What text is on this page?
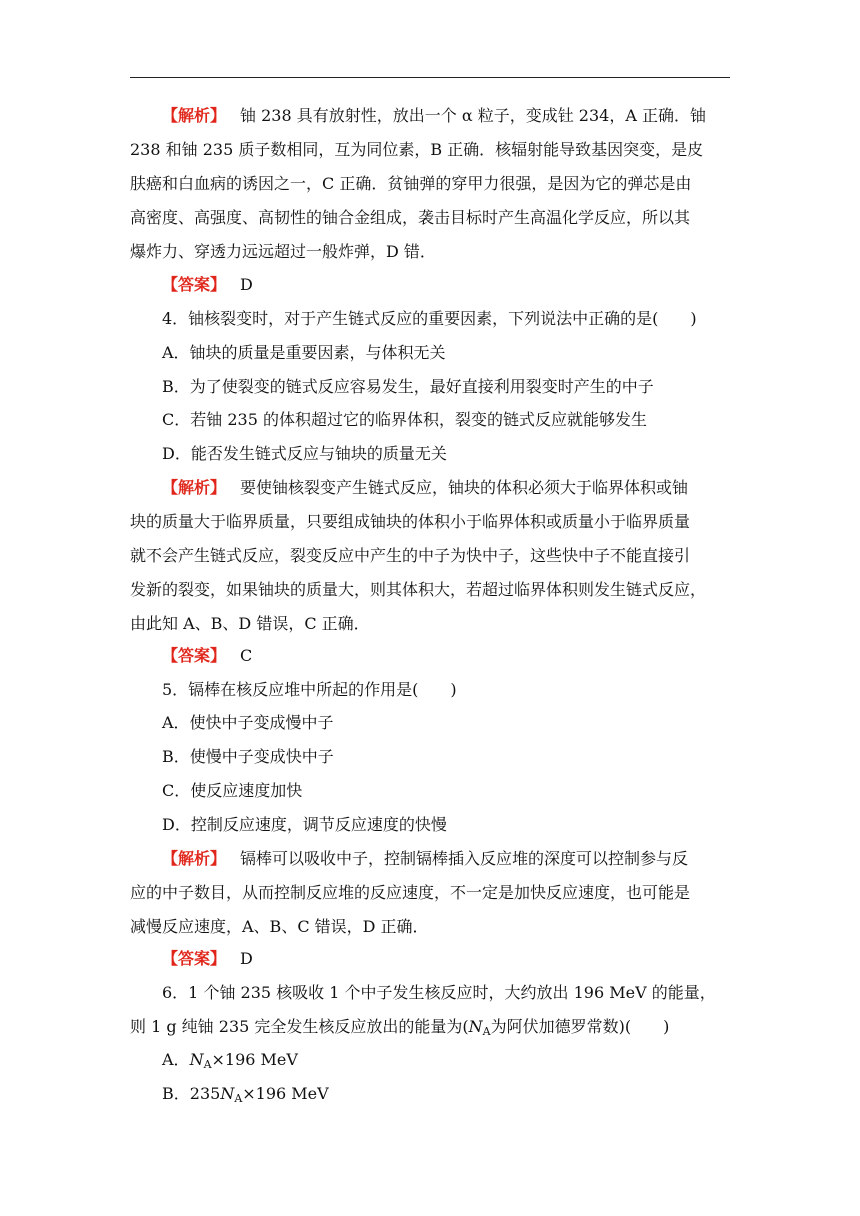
【解析】 铀 238 具有放射性，放出一个 α 粒子，变成钍 234，A 正确．铀
238 和铀 235 质子数相同，互为同位素，B 正确．核辐射能导致基因突变，是皮
肤癌和白血病的诱因之一，C 正确．贫铀弹的穿甲力很强，是因为它的弹芯是由
高密度、高强度、高韧性的铀合金组成，袭击目标时产生高温化学反应，所以其
爆炸力、穿透力远远超过一般炸弹，D 错．
【答案】 D
4．铀核裂变时，对于产生链式反应的重要因素，下列说法中正确的是(　　)
A．铀块的质量是重要因素，与体积无关
B．为了使裂变的链式反应容易发生，最好直接利用裂变时产生的中子
C．若铀 235 的体积超过它的临界体积，裂变的链式反应就能够发生
D．能否发生链式反应与铀块的质量无关
【解析】 要使铀核裂变产生链式反应，铀块的体积必须大于临界体积或铀
块的质量大于临界质量，只要组成铀块的体积小于临界体积或质量小于临界质量
就不会产生链式反应，裂变反应中产生的中子为快中子，这些快中子不能直接引
发新的裂变，如果铀块的质量大，则其体积大，若超过临界体积则发生链式反应，
由此知 A、B、D 错误，C 正确．
【答案】 C
5．镉棒在核反应堆中所起的作用是(　　)
A．使快中子变成慢中子
B．使慢中子变成快中子
C．使反应速度加快
D．控制反应速度，调节反应速度的快慢
【解析】 镉棒可以吸收中子，控制镉棒插入反应堆的深度可以控制参与反
应的中子数目，从而控制反应堆的反应速度，不一定是加快反应速度，也可能是
减慢反应速度，A、B、C 错误，D 正确．
【答案】 D
6．1 个铀 235 核吸收 1 个中子发生核反应时，大约放出 196 MeV 的能量，
则 1 g 纯铀 235 完全发生核反应放出的能量为($N_A$为阿伏加德罗常数)(　　)
A．$N_A\times 196$ MeV
B．$235N_A\times 196$ MeV
